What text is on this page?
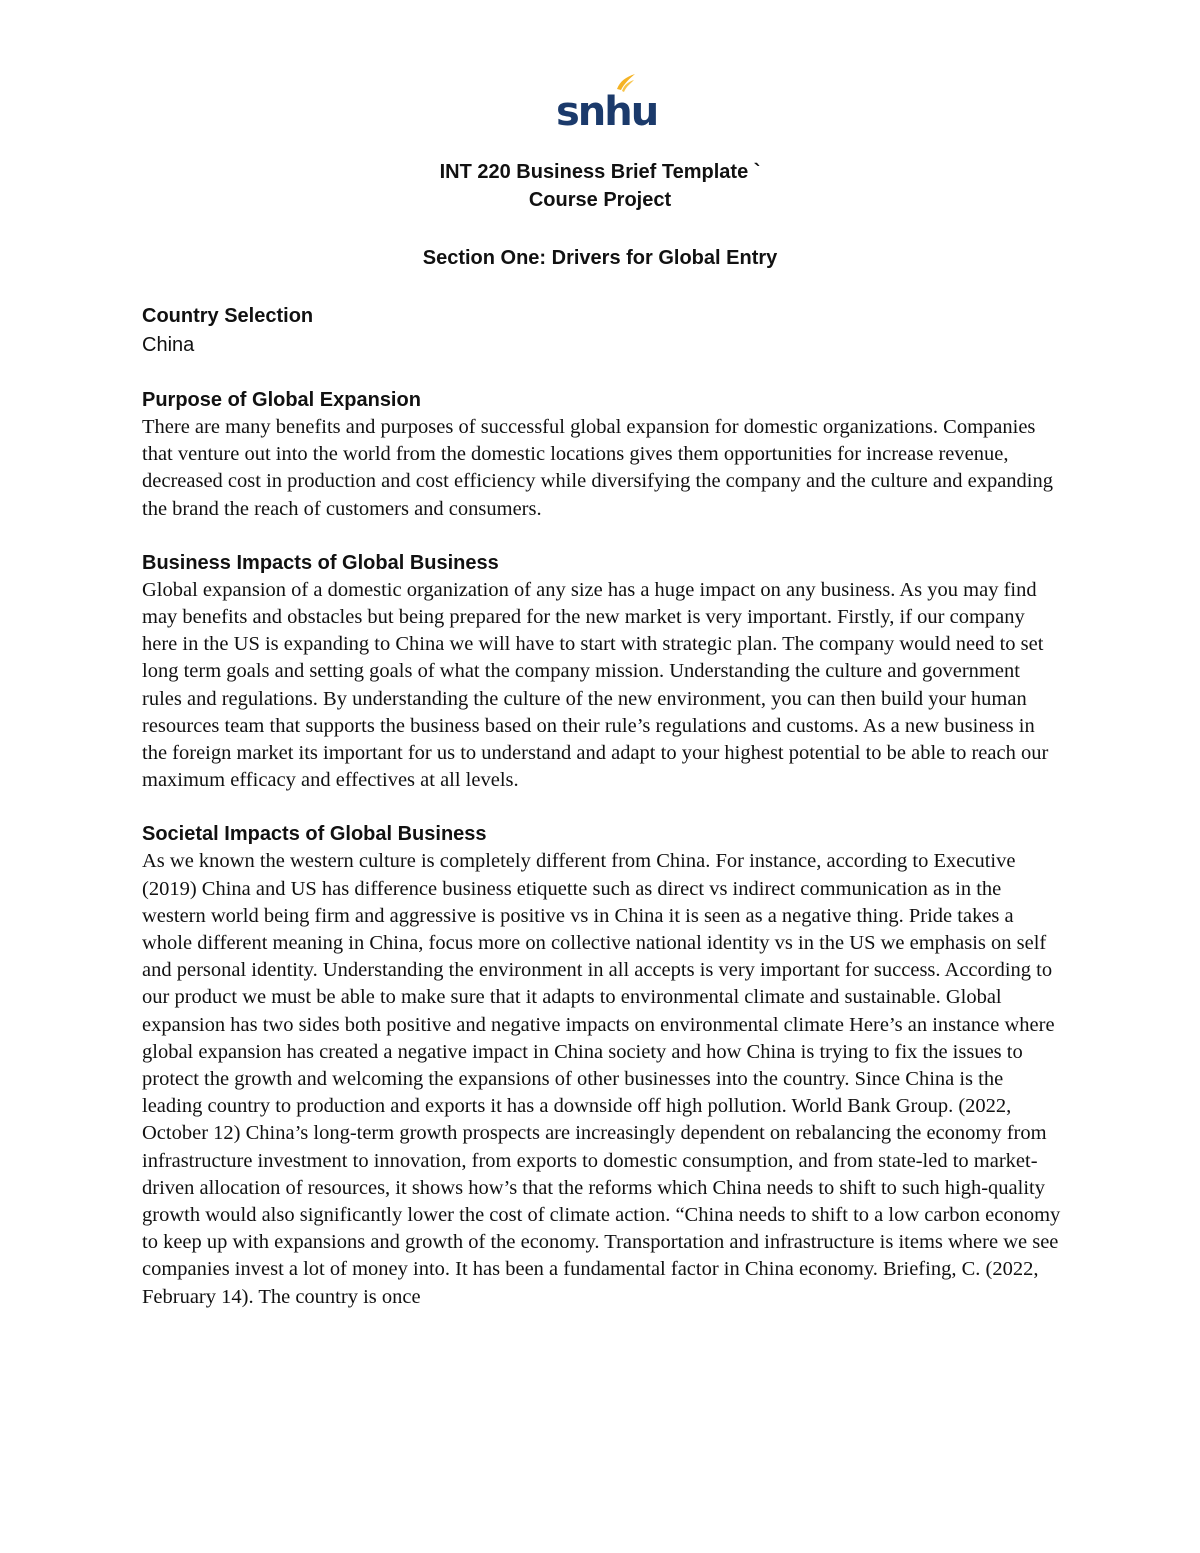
snhu
INT 220 Business Brief Template `
Course Project
Section One: Drivers for Global Entry
Country Selection

China

Purpose of Global Expansion

There are many benefits and purposes of successful global expansion for domestic organizations. Companies that venture out into the world from the domestic locations gives them opportunities for increase revenue, decreased cost in production and cost efficiency while diversifying the company and the culture and expanding the brand the reach of customers and consumers.

Business Impacts of Global Business

Global expansion of a domestic organization of any size has a huge impact on any business. As you may find may benefits and obstacles but being prepared for the new market is very important. Firstly, if our company here in the US is expanding to China we will have to start with strategic plan. The company would need to set long term goals and setting goals of what the company mission. Understanding the culture and government rules and regulations. By understanding the culture of the new environment, you can then build your human resources team that supports the business based on their rule’s regulations and customs. As a new business in the foreign market its important for us to understand and adapt to your highest potential to be able to reach our maximum efficacy and effectives at all levels.

Societal Impacts of Global Business

As we known the western culture is completely different from China. For instance, according to Executive (2019) China and US has difference business etiquette such as direct vs indirect communication as in the western world being firm and aggressive is positive vs in China it is seen as a negative thing. Pride takes a whole different meaning in China, focus more on collective national identity vs in the US we emphasis on self and personal identity. Understanding the environment in all accepts is very important for success. According to our product we must be able to make sure that it adapts to environmental climate and sustainable. Global expansion has two sides both positive and negative impacts on environmental climate Here’s an instance where global expansion has created a negative impact in China society and how China is trying to fix the issues to protect the growth and welcoming the expansions of other businesses into the country. Since China is the leading country to production and exports it has a downside off high pollution. World Bank Group. (2022, October 12) China’s long-term growth prospects are increasingly dependent on rebalancing the economy from infrastructure investment to innovation, from exports to domestic consumption, and from state-led to market-driven allocation of resources, it shows how’s that the reforms which China needs to shift to such high-quality growth would also significantly lower the cost of climate action. “China needs to shift to a low carbon economy to keep up with expansions and growth of the economy. Transportation and infrastructure is items where we see companies invest a lot of money into. It has been a fundamental factor in China economy. Briefing, C. (2022, February 14). The country is once
